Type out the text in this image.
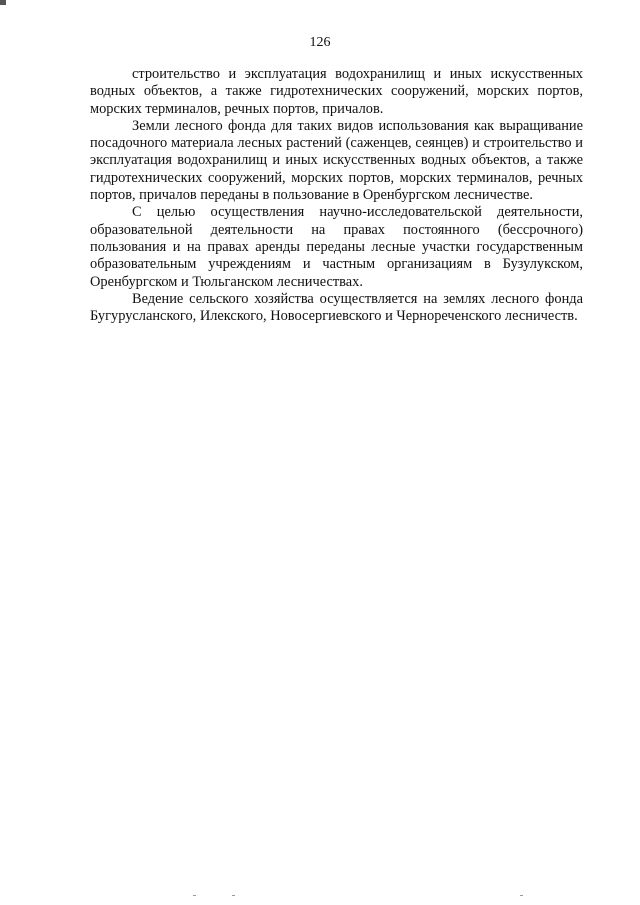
126

строительство и эксплуатация водохранилищ и иных искусственных водных объектов, а также гидротехнических сооружений, морских портов, морских терминалов, речных портов, причалов.

Земли лесного фонда для таких видов использования как выращивание посадочного материала лесных растений (саженцев, сеянцев) и строительство и эксплуатация водохранилищ и иных искусственных водных объектов, а также гидротехнических сооружений, морских портов, морских терминалов, речных портов, причалов переданы в пользование в Оренбургском лесничестве.

С целью осуществления научно-исследовательской деятельности, образовательной деятельности на правах постоянного (бессрочного) пользования и на правах аренды переданы лесные участки государственным образовательным учреждениям и частным организациям в Бузулукском, Оренбургском и Тюльганском лесничествах.

Ведение сельского хозяйства осуществляется на землях лесного фонда Бугурусланского, Илекского, Новосергиевского и Чернореченского лесничеств.
